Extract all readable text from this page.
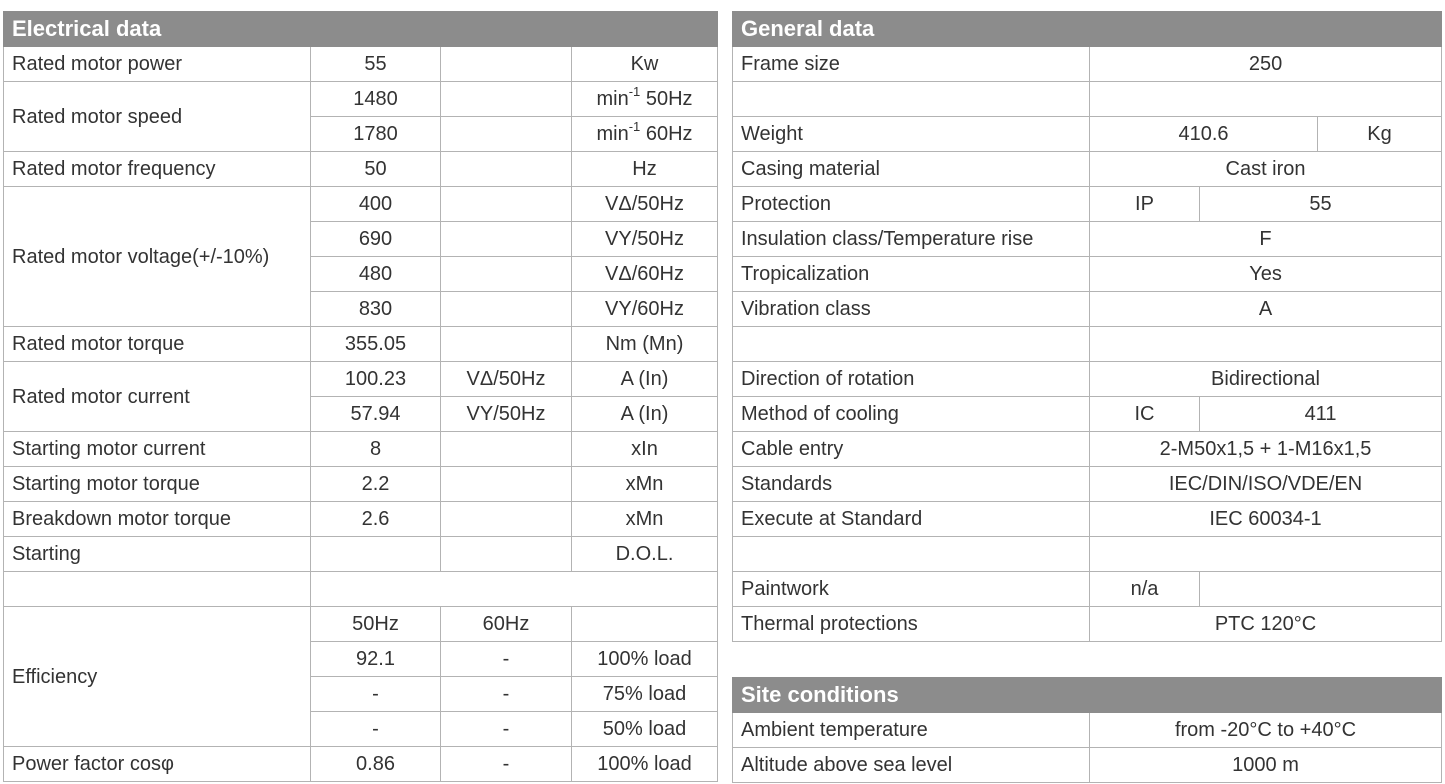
Electrical data			
Rated motor power	55		Kw
Rated motor speed	1480		$\min^{-1} 50Hz$
	1780		$\min^{-1} 60Hz$
Rated motor frequency	50		Hz
Rated motor voltage(+/-10%)	400		VΔ/50Hz
	690		VY/50Hz
	480		VΔ/60Hz
	830		VY/60Hz
Rated motor torque	355.05		Nm (Mn)
Rated motor current	100.23	VΔ/50Hz	A (In)
	57.94	VY/50Hz	A (In)
Starting motor current	8		xIn
Starting motor torque	2.2		xMn
Breakdown motor torque	2.6		xMn
Starting			D.O.L.

Efficiency	50Hz	60Hz	
	92.1	-	100% load
	-	-	75% load
	-	-	50% load
Power factor cosφ	0.86	-	100% load
General data			
Frame size	250		

Weight	410.6		Kg
Casing material	Cast iron		
Protection	IP	55	
Insulation class/Temperature rise	F		
Tropicalization	Yes		
Vibration class	A		

Direction of rotation	Bidirectional		
Method of cooling	IC	411	
Cable entry	2-M50x1,5 + 1-M16x1,5		
Standards	IEC/DIN/ISO/VDE/EN		
Execute at Standard	IEC 60034-1		

Paintwork	n/a		
Thermal protections	PTC 120°C		
Site conditions	
Ambient temperature	from -20°C to +40°C
Altitude above sea level	1000 m
